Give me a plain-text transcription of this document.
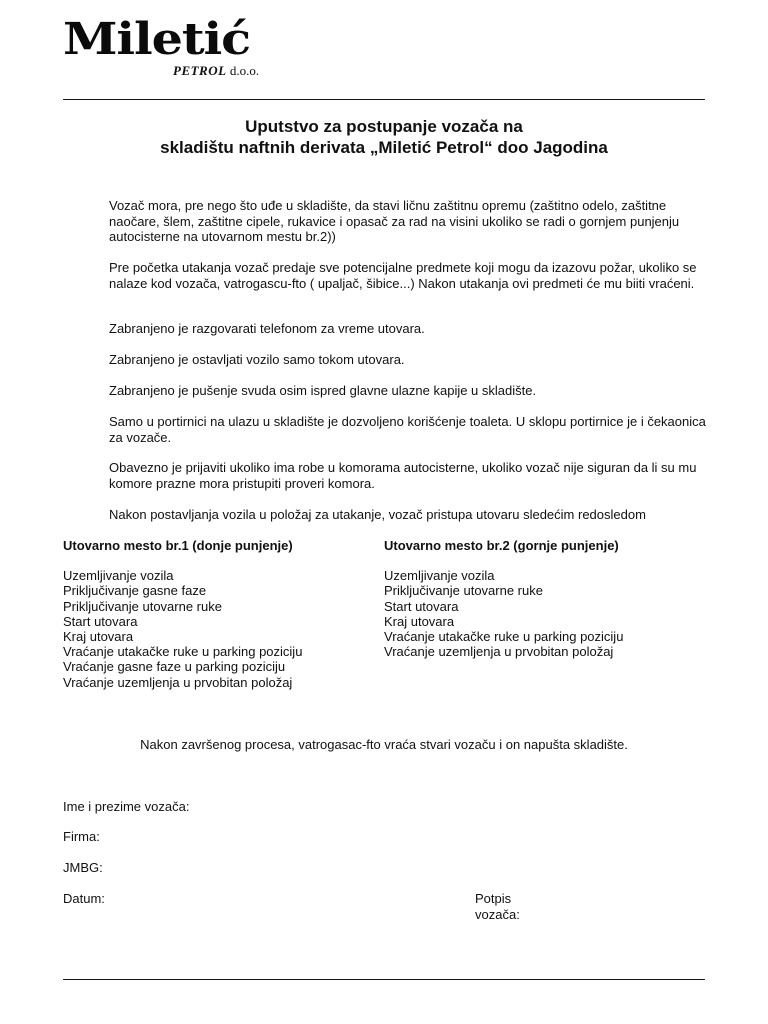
Miletić
PETROL d.o.o.
Uputstvo za postupanje vozača na
skladištu naftnih derivata „Miletić Petrol“ doo Jagodina

Vozač mora, pre nego što uđe u skladište, da stavi ličnu zaštitnu opremu (zaštitno odelo, zaštitne naočare, šlem, zaštitne cipele, rukavice i opasač za rad na visini ukoliko se radi o gornjem punjenju autocisterne na utovarnom mestu br.2))

Pre početka utakanja vozač predaje sve potencijalne predmete koji mogu da izazovu požar, ukoliko se nalaze kod vozača, vatrogascu-fto ( upaljač, šibice...) Nakon utakanja ovi predmeti će mu biiti vraćeni.

Zabranjeno je razgovarati telefonom za vreme utovara.

Zabranjeno je ostavljati vozilo samo tokom utovara.

Zabranjeno je pušenje svuda osim ispred glavne ulazne kapije u skladište.

Samo u portirnici na ulazu u skladište je dozvoljeno korišćenje toaleta. U sklopu portirnice je i čekaonica za vozače.

Obavezno je prijaviti ukoliko ima robe u komorama autocisterne, ukoliko vozač nije siguran da li su mu komore prazne mora pristupiti proveri komora.

Nakon postavljanja vozila u položaj za utakanje, vozač pristupa utovaru sledećim redosledom

Utovarno mesto br.1 (donje punjenje)
Uzemljivanje vozila
Priključivanje gasne faze
Priključivanje utovarne ruke
Start utovara
Kraj utovara
Vraćanje utakačke ruke u parking poziciju
Vraćanje gasne faze u parking poziciju
Vraćanje uzemljenja u prvobitan položaj
Utovarno mesto br.2 (gornje punjenje)
Uzemljivanje vozila
Priključivanje utovarne ruke
Start utovara
Kraj utovara
Vraćanje utakačke ruke u parking poziciju
Vraćanje uzemljenja u prvobitan položaj
Nakon završenog procesa, vatrogasac-fto vraća stvari vozaču i on napušta skladište.
Ime i prezime vozača:
Firma:
JMBG:
Datum:	Potpis
vozača:
